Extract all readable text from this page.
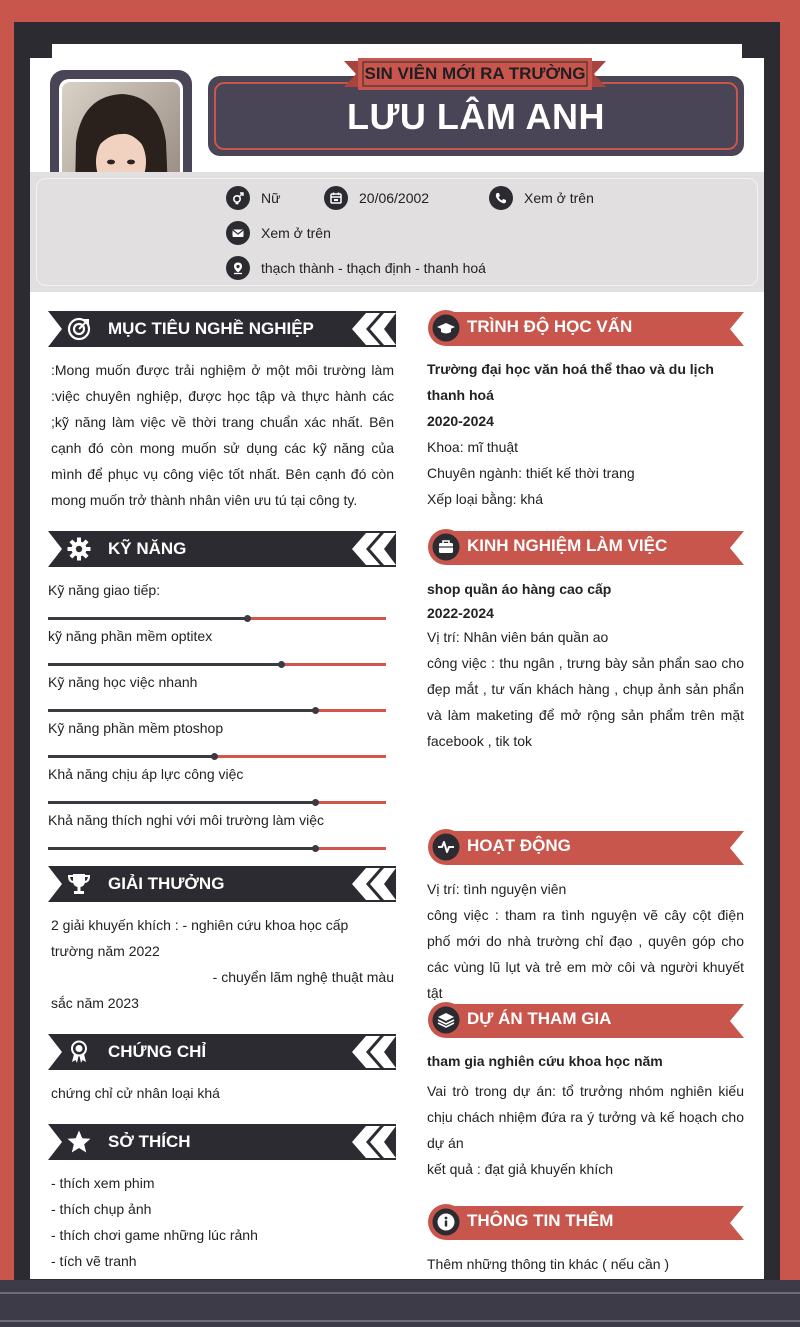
SIN VIÊN MỚI RA TRƯỜNG
LƯU LÂM ANH
Nữ	20/06/2002	Xem ở trên
Xem ở trên
thạch thành - thạch định - thanh hoá
MỤC TIÊU NGHỀ NGHIỆP
:Mong muốn được trải nghiệm ở một môi trường làm :việc chuyên nghiệp, được học tập và thực hành các ;kỹ năng làm việc về thời trang chuẩn xác nhất. Bên cạnh đó còn mong muốn sử dụng các kỹ năng của mình để phục vụ công việc tốt nhất. Bên cạnh đó còn mong muốn trở thành nhân viên ưu tú tại công ty.
KỸ NĂNG
Kỹ năng giao tiếp:
kỹ năng phần mềm optitex
Kỹ năng học việc nhanh
Kỹ năng phần mềm ptoshop
Khả năng chịu áp lực công việc
Khả năng thích nghi với môi trường làm việc
GIẢI THƯỞNG
2 giải khuyến khích : - nghiên cứu khoa học cấp trường năm 2022
- chuyển lãm nghệ thuật màu
sắc năm 2023
CHỨNG CHỈ
chứng chỉ cử nhân loại khá
SỞ THÍCH
- thích xem phim
- thích chụp ảnh
- thích chơi game những lúc rảnh
- tích vẽ tranh
TRÌNH ĐỘ HỌC VẤN
Trường đại học văn hoá thể thao và du lịch thanh hoá
2020-2024
Khoa: mĩ thuật
Chuyên ngành: thiết kế thời trang
Xếp loại bằng: khá
KINH NGHIỆM LÀM VIỆC
shop quần áo hàng cao cấp
2022-2024
Vị trí: Nhân viên bán quần ao
công việc : thu ngân , trưng bày sản phẩn sao cho đẹp mắt , tư vấn khách hàng , chụp ảnh sản phẩn và làm maketing để mở rộng sản phẩm trên mặt facebook , tik tok
HOẠT ĐỘNG
Vị trí: tình nguyện viên
công việc : tham ra tình nguyện vẽ cây cột điện phố mới do nhà trường chỉ đạo , quyên góp cho các vùng lũ lụt và trẻ em mờ côi và người khuyết tật
DỰ ÁN THAM GIA
tham gia nghiên cứu khoa học năm
Vai trò trong dự án: tổ trưởng nhóm nghiên kiếu chịu chách nhiệm đứa ra ý tưởng và kế hoạch cho dự án
kết quả : đạt giả khuyến khích
THÔNG TIN THÊM
Thêm những thông tin khác ( nếu cần )
